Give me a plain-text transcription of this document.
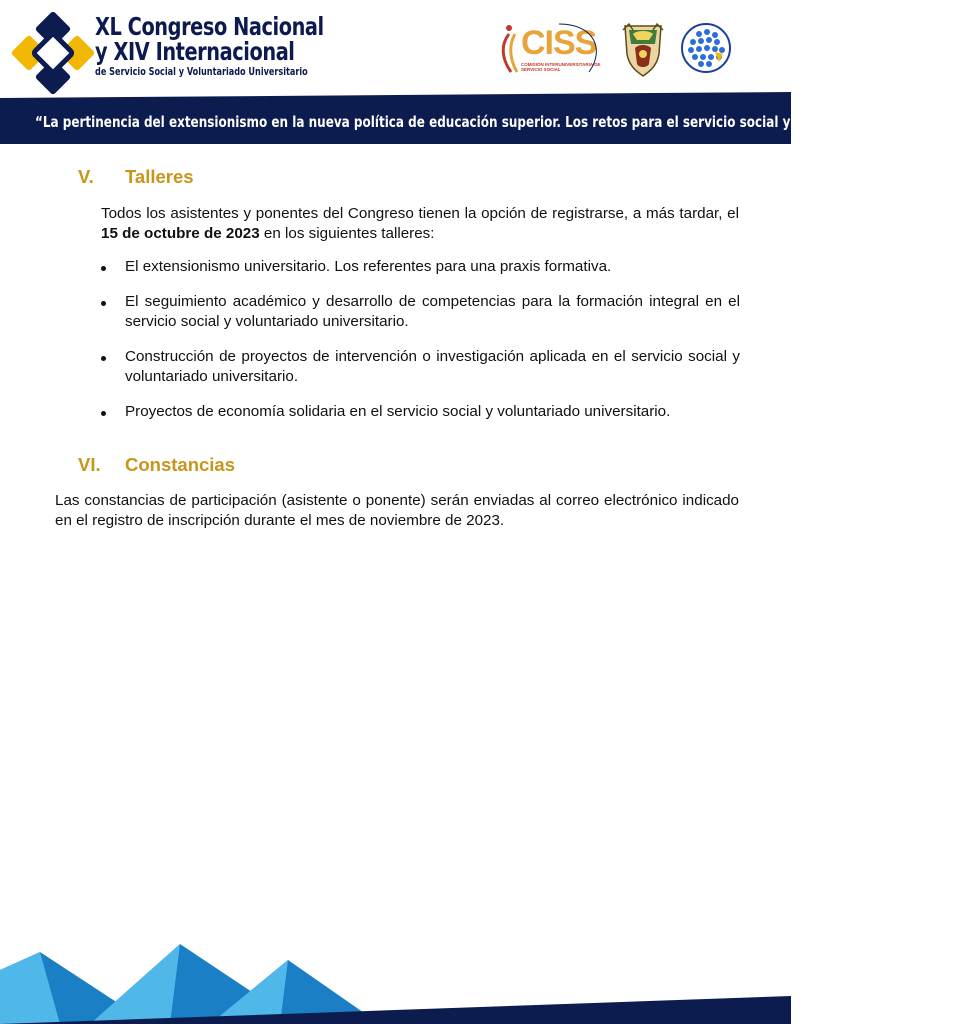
XL Congreso Nacional
y XIV Internacional
de Servicio Social y Voluntariado Universitario
CISS
COMISIÓN INTERUNIVERSITARIA DE SERVICIO SOCIAL
“La pertinencia del extensionismo en la nueva política de educación superior. Los retos para el servicio social y voluntariado universitario”
V. Talleres
Todos los asistentes y ponentes del Congreso tienen la opción de registrarse, a más tardar, el 15 de octubre de 2023 en los siguientes talleres:
El extensionismo universitario. Los referentes para una praxis formativa.
El seguimiento académico y desarrollo de competencias para la formación integral en el servicio social y voluntariado universitario.
Construcción de proyectos de intervención o investigación aplicada en el servicio social y voluntariado universitario.
Proyectos de economía solidaria en el servicio social y voluntariado universitario.
VI. Constancias
Las constancias de participación (asistente o ponente) serán enviadas al correo electrónico indicado en el registro de inscripción durante el mes de noviembre de 2023.
